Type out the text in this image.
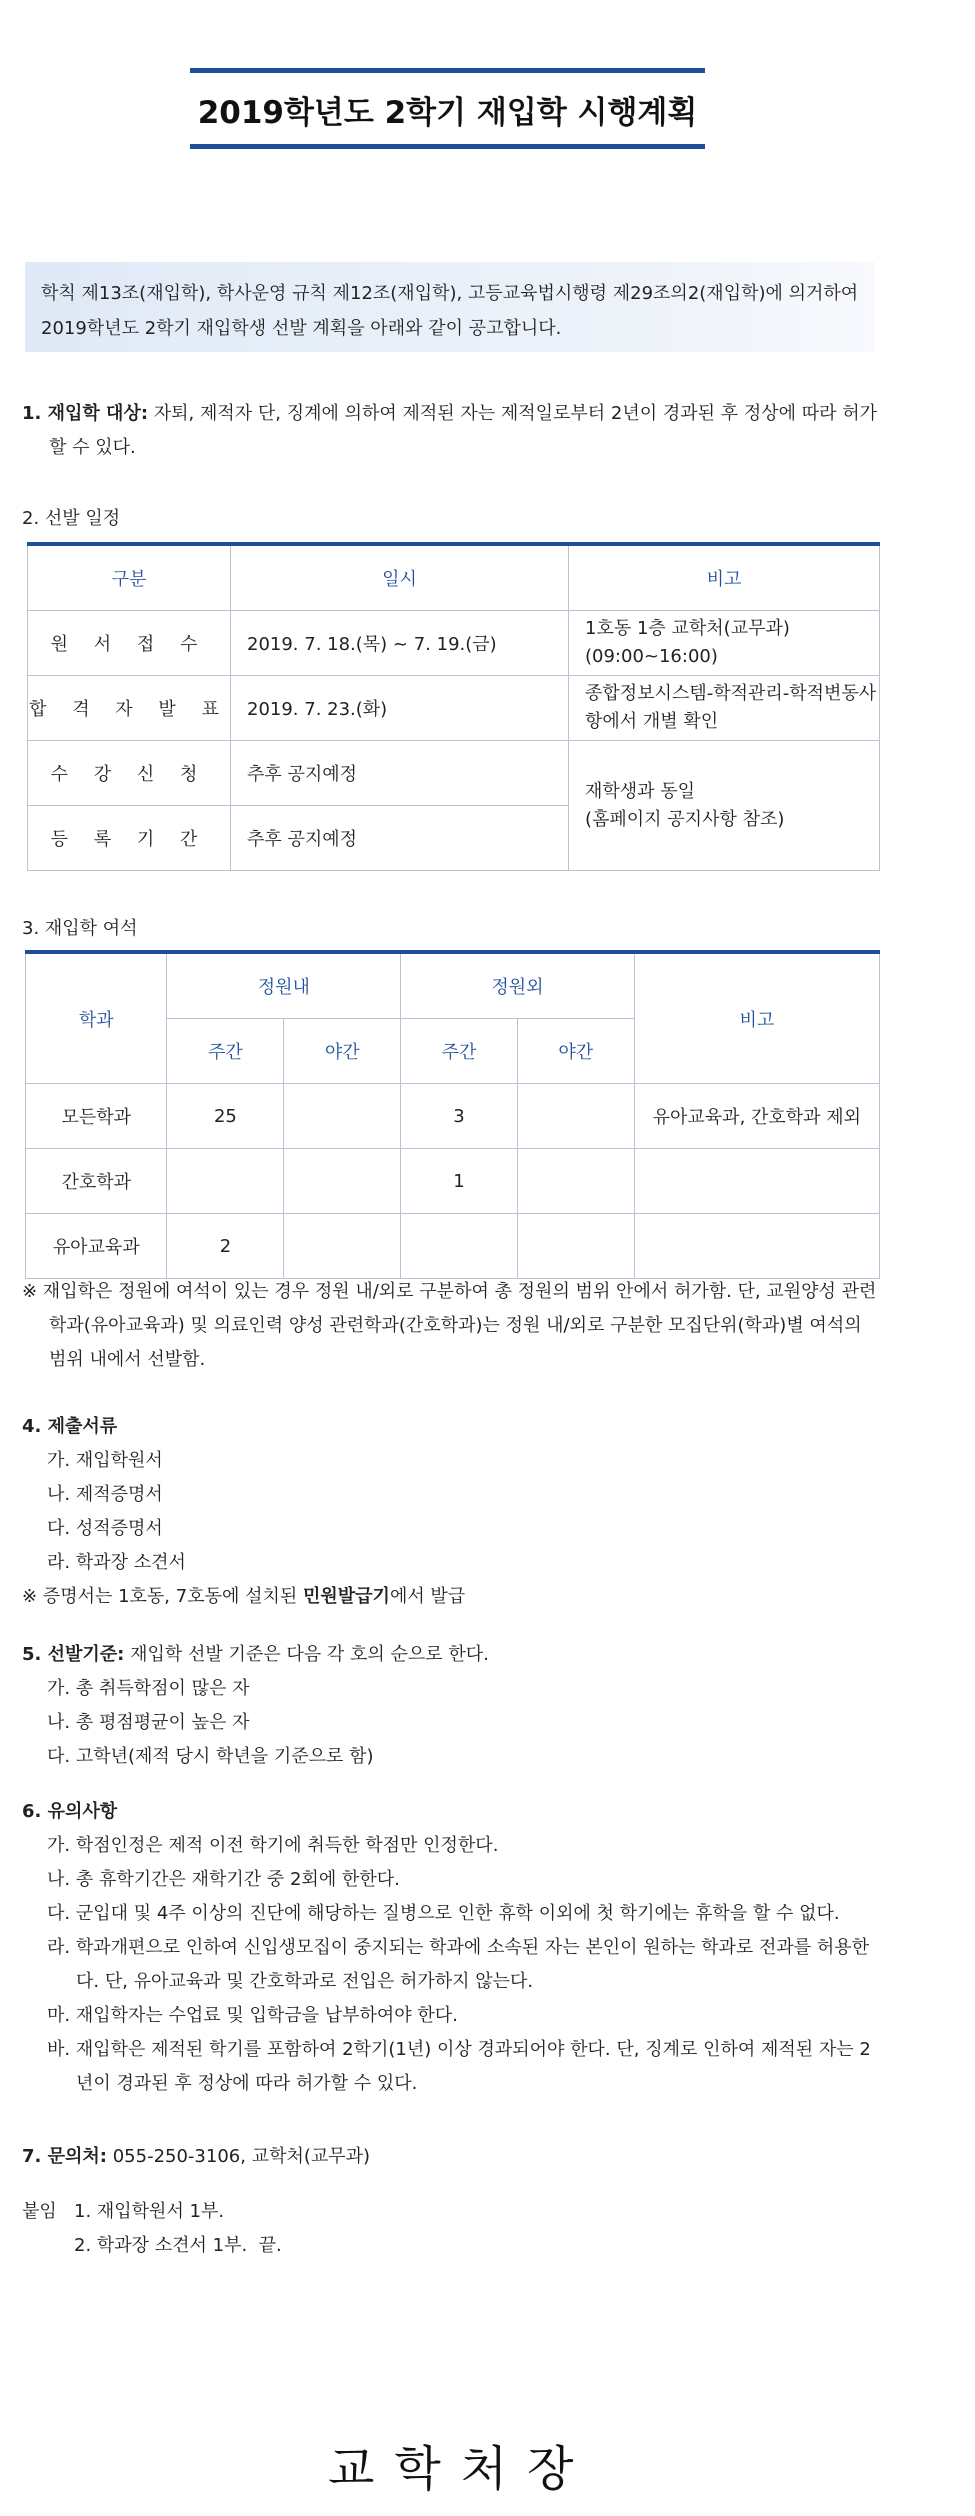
2019학년도 2학기 재입학 시행계획
학칙 제13조(재입학), 학사운영 규칙 제12조(재입학), 고등교육법시행령 제29조의2(재입학)에 의거하여 2019학년도 2학기 재입학생 선발 계획을 아래와 같이 공고합니다.
1. 재입학 대상: 자퇴, 제적자 단, 징계에 의하여 제적된 자는 제적일로부터 2년이 경과된 후 정상에 따라 허가할 수 있다.
2. 선발 일정
구분	일시	비고
원 서 접 수	2019. 7. 18.(목) ~ 7. 19.(금)	1호동 1층 교학처(교무과)
(09:00~16:00)
합 격 자 발 표	2019. 7. 23.(화)	종합정보시스템-학적관리-학적변동사항에서 개별 확인
수 강 신 청	추후 공지예정	재학생과 동일
(홈페이지 공지사항 참조)
등 록 기 간	추후 공지예정	
3. 재입학 여석
학과	정원내		정원외		비고
	주간	야간	주간	야간	
모든학과	25		3		유아교육과, 간호학과 제외
간호학과			1		
유아교육과	2				
※ 재입학은 정원에 여석이 있는 경우 정원 내/외로 구분하여 총 정원의 범위 안에서 허가함. 단, 교원양성 관련학과(유아교육과) 및 의료인력 양성 관련학과(간호학과)는 정원 내/외로 구분한 모집단위(학과)별 여석의 범위 내에서 선발함.
4. 제출서류
가. 재입학원서
나. 제적증명서
다. 성적증명서
라. 학과장 소견서
※ 증명서는 1호동, 7호동에 설치된 민원발급기에서 발급
5. 선발기준: 재입학 선발 기준은 다음 각 호의 순으로 한다.
가. 총 취득학점이 많은 자
나. 총 평점평균이 높은 자
다. 고학년(제적 당시 학년을 기준으로 함)
6. 유의사항
가. 학점인정은 제적 이전 학기에 취득한 학점만 인정한다.
나. 총 휴학기간은 재학기간 중 2회에 한한다.
다. 군입대 및 4주 이상의 진단에 해당하는 질병으로 인한 휴학 이외에 첫 학기에는 휴학을 할 수 없다.
라. 학과개편으로 인하여 신입생모집이 중지되는 학과에 소속된 자는 본인이 원하는 학과로 전과를 허용한다. 단, 유아교육과 및 간호학과로 전입은 허가하지 않는다.
마. 재입학자는 수업료 및 입학금을 납부하여야 한다.
바. 재입학은 제적된 학기를 포함하여 2학기(1년) 이상 경과되어야 한다. 단, 징계로 인하여 제적된 자는 2년이 경과된 후 정상에 따라 허가할 수 있다.
7. 문의처: 055-250-3106, 교학처(교무과)
붙임 1. 재입학원서 1부.
2. 학과장 소견서 1부.  끝.
교학처장
